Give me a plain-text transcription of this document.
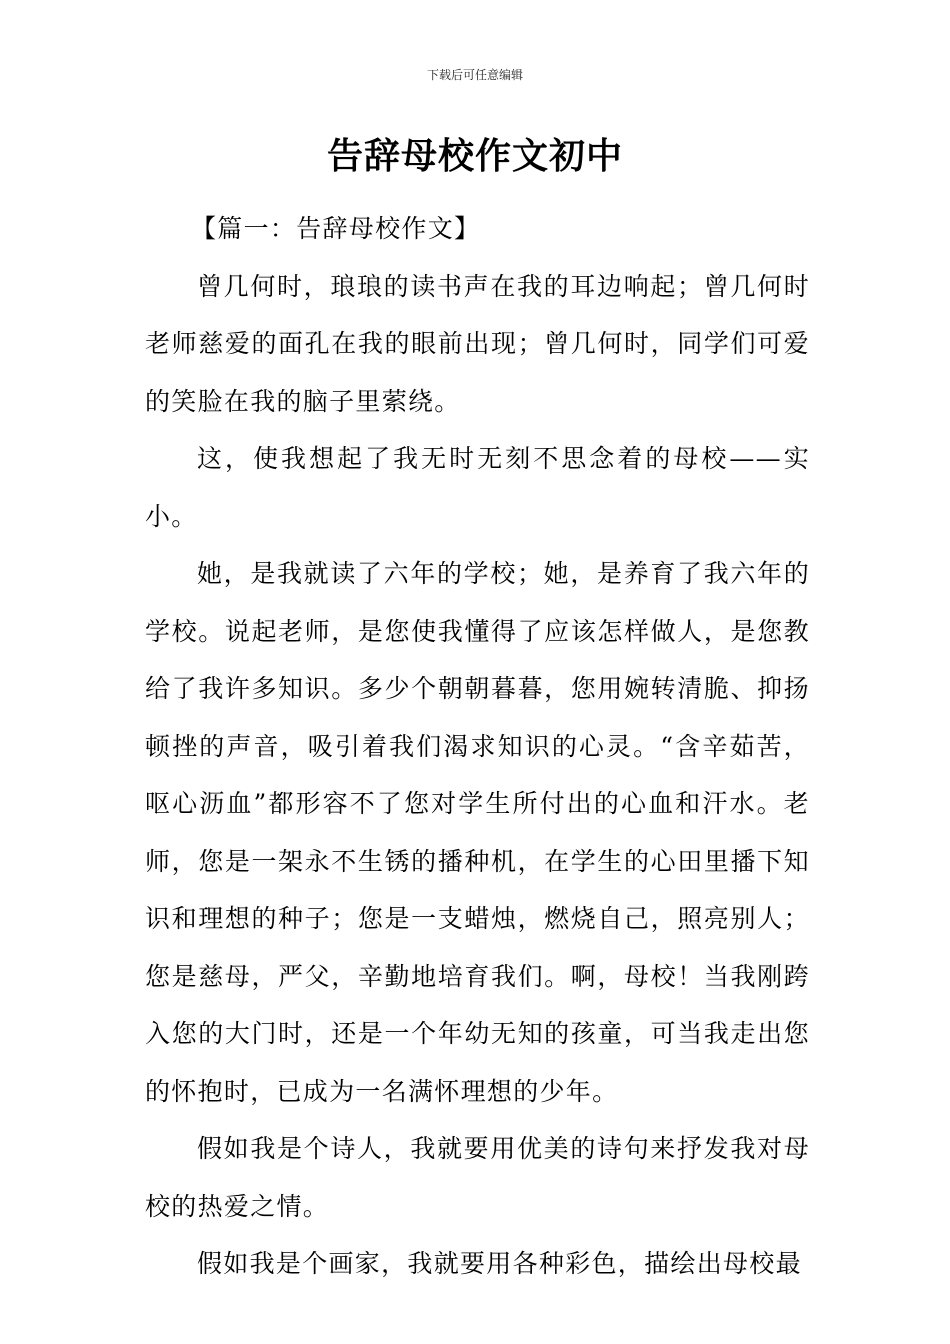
下载后可任意编辑
告辞母校作文初中

【篇一：告辞母校作文】

曾几何时，琅琅的读书声在我的耳边响起；曾几何时老师慈爱的面孔在我的眼前出现；曾几何时，同学们可爱的笑脸在我的脑子里萦绕。

这，使我想起了我无时无刻不思念着的母校——实小。

她，是我就读了六年的学校；她，是养育了我六年的学校。说起老师，是您使我懂得了应该怎样做人，是您教给了我许多知识。多少个朝朝暮暮，您用婉转清脆、抑扬顿挫的声音，吸引着我们渴求知识的心灵。“含辛茹苦，呕心沥血”都形容不了您对学生所付出的心血和汗水。老师，您是一架永不生锈的播种机，在学生的心田里播下知识和理想的种子；您是一支蜡烛，燃烧自己，照亮别人；您是慈母，严父，辛勤地培育我们。啊，母校！当我刚跨入您的大门时，还是一个年幼无知的孩童，可当我走出您的怀抱时，已成为一名满怀理想的少年。

假如我是个诗人，我就要用优美的诗句来抒发我对母校的热爱之情。

假如我是个画家，我就要用各种彩色，描绘出母校最
